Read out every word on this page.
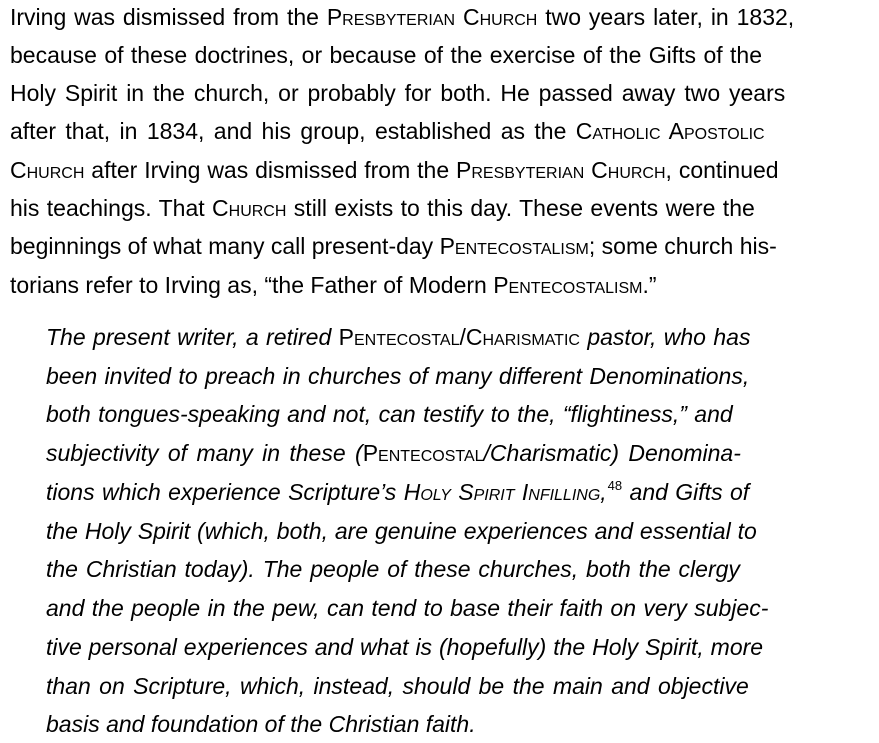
Irving was dismissed from the Presbyterian Church two years later, in 1832,
because of these doctrines, or because of the exercise of the Gifts of the
Holy Spirit in the church, or probably for both. He passed away two years
after that, in 1834, and his group, established as the Catholic Apostolic
Church after Irving was dismissed from the Presbyterian Church, continued
his teachings. That Church still exists to this day. These events were the
beginnings of what many call present-day Pentecostalism; some church his-
torians refer to Irving as, “the Father of Modern Pentecostalism.”
The present writer, a retired Pentecostal/Charismatic pastor, who has
been invited to preach in churches of many different Denominations,
both tongues-speaking and not, can testify to the, “flightiness,” and
subjectivity of many in these (Pentecostal/Charismatic) Denomina-
tions which experience Scripture’s Holy Spirit Infilling,$^{48}$ and Gifts of
the Holy Spirit (which, both, are genuine experiences and essential to
the Christian today). The people of these churches, both the clergy
and the people in the pew, can tend to base their faith on very subjec-
tive personal experiences and what is (hopefully) the Holy Spirit, more
than on Scripture, which, instead, should be the main and objective
basis and foundation of the Christian faith.
